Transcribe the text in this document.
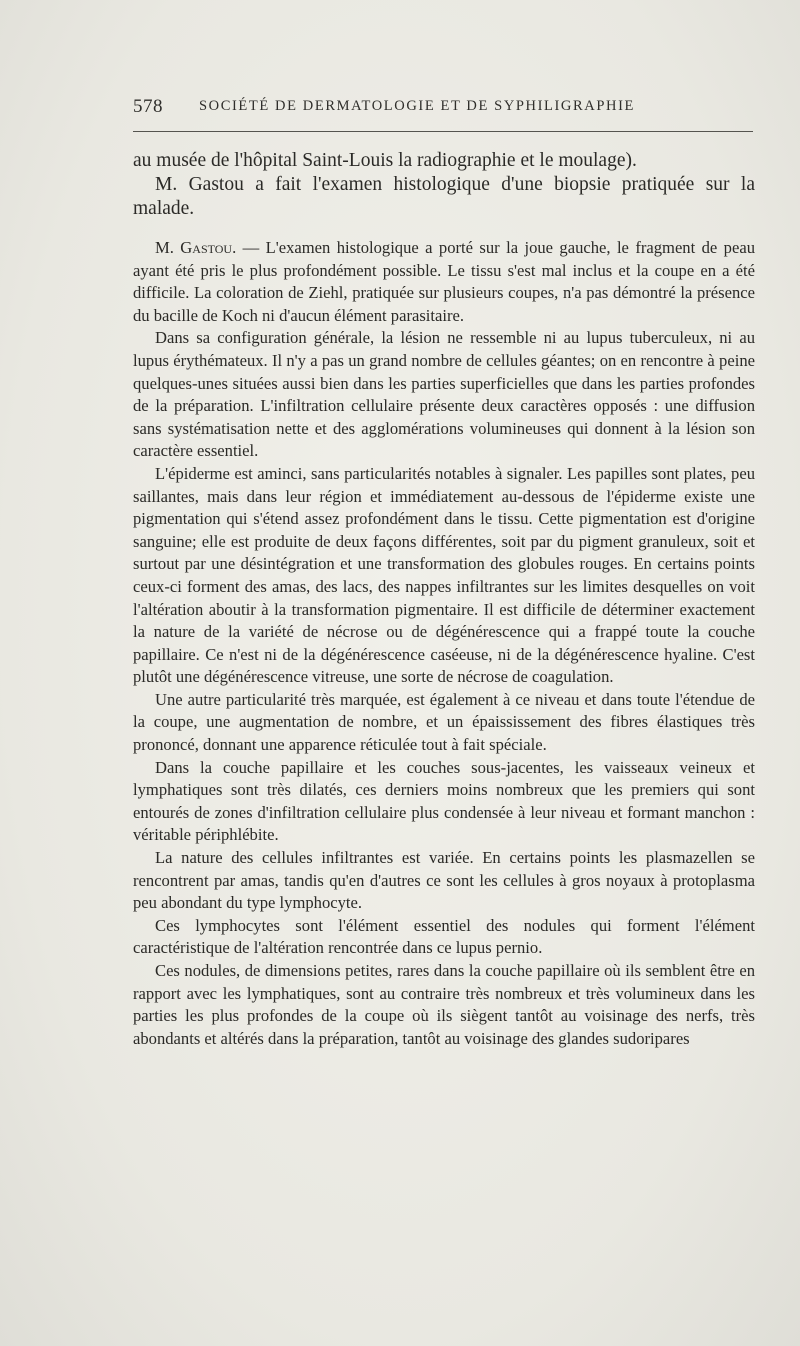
578 SOCIÉTÉ DE DERMATOLOGIE ET DE SYPHILIGRAPHIE

au musée de l'hôpital Saint-Louis la radiographie et le moulage).

M. Gastou a fait l'examen histologique d'une biopsie pratiquée sur la malade.

M. Gastou. — L'examen histologique a porté sur la joue gauche, le fragment de peau ayant été pris le plus profondément possible. Le tissu s'est mal inclus et la coupe en a été difficile. La coloration de Ziehl, pratiquée sur plusieurs coupes, n'a pas démontré la présence du bacille de Koch ni d'aucun élément parasitaire.

Dans sa configuration générale, la lésion ne ressemble ni au lupus tuberculeux, ni au lupus érythémateux. Il n'y a pas un grand nombre de cellules géantes; on en rencontre à peine quelques-unes situées aussi bien dans les parties superficielles que dans les parties profondes de la préparation. L'infiltration cellulaire présente deux caractères opposés : une diffusion sans systématisation nette et des agglomérations volumineuses qui donnent à la lésion son caractère essentiel.

L'épiderme est aminci, sans particularités notables à signaler. Les papilles sont plates, peu saillantes, mais dans leur région et immédiatement au-dessous de l'épiderme existe une pigmentation qui s'étend assez profondément dans le tissu. Cette pigmentation est d'origine sanguine; elle est produite de deux façons différentes, soit par du pigment granuleux, soit et surtout par une désintégration et une transformation des globules rouges. En certains points ceux-ci forment des amas, des lacs, des nappes infiltrantes sur les limites desquelles on voit l'altération aboutir à la transformation pigmentaire. Il est difficile de déterminer exactement la nature de la variété de nécrose ou de dégénérescence qui a frappé toute la couche papillaire. Ce n'est ni de la dégénérescence caséeuse, ni de la dégénérescence hyaline. C'est plutôt une dégénérescence vitreuse, une sorte de nécrose de coagulation.

Une autre particularité très marquée, est également à ce niveau et dans toute l'étendue de la coupe, une augmentation de nombre, et un épaississement des fibres élastiques très prononcé, donnant une apparence réticulée tout à fait spéciale.

Dans la couche papillaire et les couches sous-jacentes, les vaisseaux veineux et lymphatiques sont très dilatés, ces derniers moins nombreux que les premiers qui sont entourés de zones d'infiltration cellulaire plus condensée à leur niveau et formant manchon : véritable périphlébite.

La nature des cellules infiltrantes est variée. En certains points les plasmazellen se rencontrent par amas, tandis qu'en d'autres ce sont les cellules à gros noyaux à protoplasma peu abondant du type lymphocyte.

Ces lymphocytes sont l'élément essentiel des nodules qui forment l'élément caractéristique de l'altération rencontrée dans ce lupus pernio.

Ces nodules, de dimensions petites, rares dans la couche papillaire où ils semblent être en rapport avec les lymphatiques, sont au contraire très nombreux et très volumineux dans les parties les plus profondes de la coupe où ils siègent tantôt au voisinage des nerfs, très abondants et altérés dans la préparation, tantôt au voisinage des glandes sudoripares
